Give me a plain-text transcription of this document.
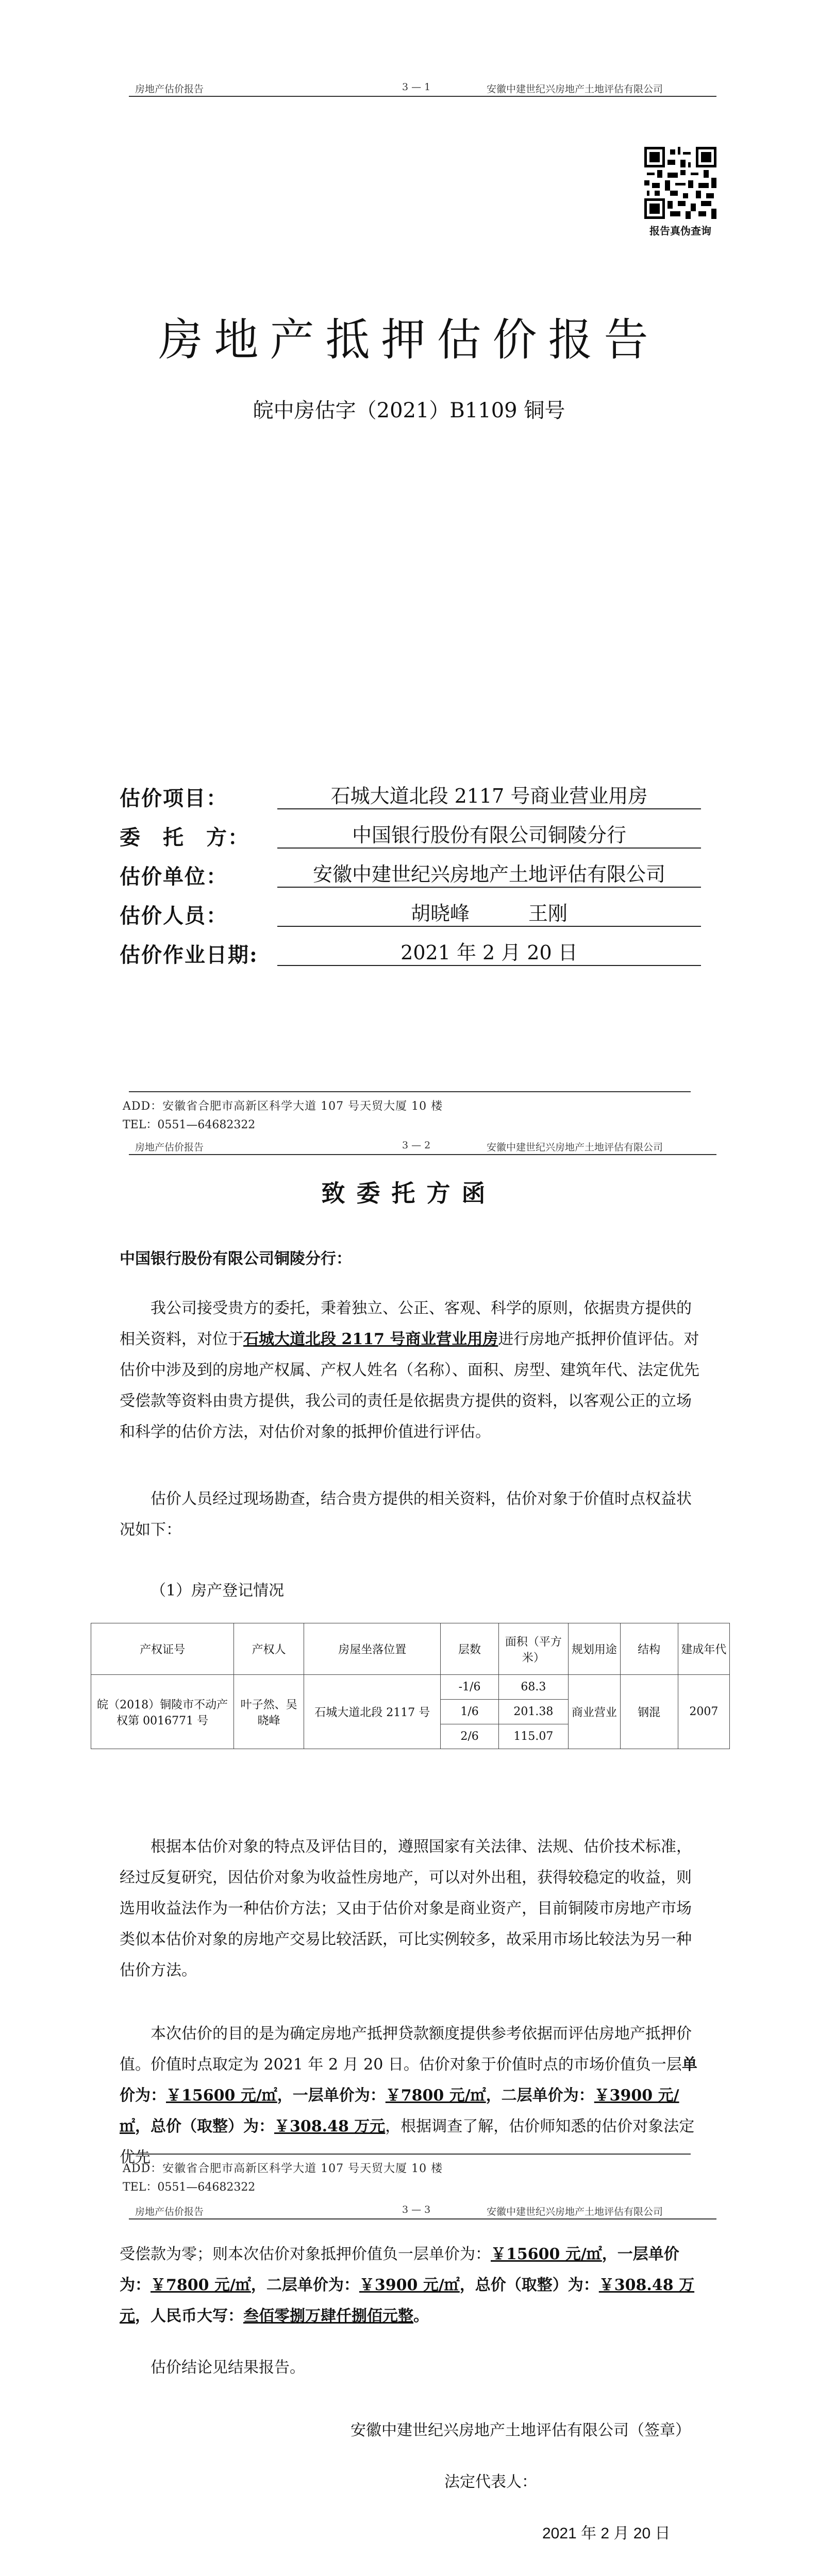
房地产估价报告	3 — 1	安徽中建世纪兴房地产土地评估有限公司
报告真伪查询
房地产抵押估价报告
皖中房估字（2021）B1109 铜号
估价项目：	石城大道北段 2117 号商业营业用房
委　托　方：	中国银行股份有限公司铜陵分行
估价单位：	安徽中建世纪兴房地产土地评估有限公司
估价人员：	胡晓峰　　　王刚
估价作业日期:	2021 年 2 月 20 日
ADD：安徽省合肥市高新区科学大道 107 号天贸大厦 10 楼
TEL：0551—64682322
房地产估价报告	3 — 2	安徽中建世纪兴房地产土地评估有限公司
致委托方函
中国银行股份有限公司铜陵分行：
我公司接受贵方的委托，秉着独立、公正、客观、科学的原则，依据贵方提供的相关资料，对位于石城大道北段 2117 号商业营业用房进行房地产抵押价值评估。对估价中涉及到的房地产权属、产权人姓名（名称）、面积、房型、建筑年代、法定优先受偿款等资料由贵方提供，我公司的责任是依据贵方提供的资料，以客观公正的立场和科学的估价方法，对估价对象的抵押价值进行评估。
估价人员经过现场勘查，结合贵方提供的相关资料，估价对象于价值时点权益状况如下：
（1）房产登记情况
产权证号	产权人	房屋坐落位置	层数	面积（平方米）	规划用途	结构	建成年代
皖（2018）铜陵市不动产权第 0016771 号	叶子然、吴晓峰	石城大道北段 2117 号	-1/6	68.3	商业营业	钢混	2007
			1/6	201.38			
			2/6	115.07			
根据本估价对象的特点及评估目的，遵照国家有关法律、法规、估价技术标准，经过反复研究，因估价对象为收益性房地产，可以对外出租，获得较稳定的收益，则选用收益法作为一种估价方法；又由于估价对象是商业资产，目前铜陵市房地产市场类似本估价对象的房地产交易比较活跃，可比实例较多，故采用市场比较法为另一种估价方法。
本次估价的目的是为确定房地产抵押贷款额度提供参考依据而评估房地产抵押价值。价值时点取定为 2021 年 2 月 20 日。估价对象于价值时点的市场价值负一层单价为：￥15600 元/㎡，一层单价为：￥7800 元/㎡，二层单价为：￥3900 元/㎡，总价（取整）为：￥308.48 万元，根据调查了解，估价师知悉的估价对象法定优先
ADD：安徽省合肥市高新区科学大道 107 号天贸大厦 10 楼
TEL：0551—64682322
房地产估价报告	3 — 3	安徽中建世纪兴房地产土地评估有限公司
受偿款为零；则本次估价对象抵押价值负一层单价为：￥15600 元/㎡，一层单价为：￥7800 元/㎡，二层单价为：￥3900 元/㎡，总价（取整）为：￥308.48 万元，人民币大写：叁佰零捌万肆仟捌佰元整。
估价结论见结果报告。
安徽中建世纪兴房地产土地评估有限公司（签章）
法定代表人：
2021 年 2 月 20 日
